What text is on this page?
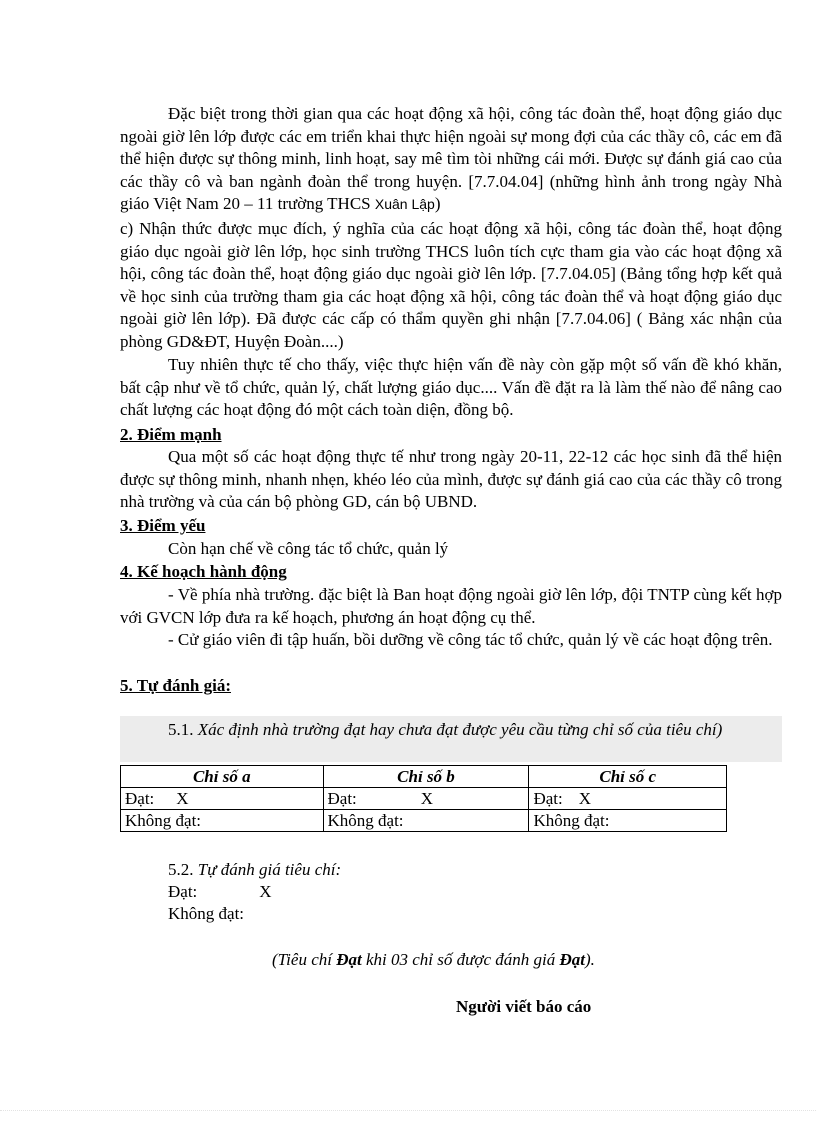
Đặc biệt trong thời gian qua các hoạt động xã hội, công tác đoàn thể, hoạt động giáo dục ngoài giờ lên lớp được các em triển khai thực hiện ngoài sự mong đợi của các thầy cô, các em đã thể hiện được sự thông minh, linh hoạt, say mê tìm tòi những cái mới. Được sự đánh giá cao của các thầy cô và ban ngành đoàn thể trong huyện. [7.7.04.04] (những hình ảnh trong ngày Nhà giáo Việt Nam 20 – 11 trường THCS Xuân Lập)
c) Nhận thức được mục đích, ý nghĩa của các hoạt động xã hội, công tác đoàn thể, hoạt động giáo dục ngoài giờ lên lớp, học sinh trường THCS luôn tích cực tham gia vào các hoạt động xã hội, công tác đoàn thể, hoạt động giáo dục ngoài giờ lên lớp. [7.7.04.05] (Bảng tổng hợp kết quả về học sinh của trường tham gia các hoạt động xã hội, công tác đoàn thể và hoạt động giáo dục ngoài giờ lên lớp). Đã được các cấp có thẩm quyền ghi nhận [7.7.04.06] ( Bảng xác nhận của phòng GD&ĐT, Huyện Đoàn....)
Tuy nhiên thực tế cho thấy, việc thực hiện vấn đề này còn gặp một số vấn đề khó khăn, bất cập như về tổ chức, quản lý, chất lượng giáo dục.... Vấn đề đặt ra là làm thế nào để nâng cao chất lượng các hoạt động đó một cách toàn diện, đồng bộ.
2. Điểm mạnh
Qua một số các hoạt động thực tế như trong ngày 20-11, 22-12 các học sinh đã thể hiện được sự thông minh, nhanh nhẹn, khéo léo của mình, được sự đánh giá cao của các thầy cô trong nhà trường và của cán bộ phòng GD, cán bộ UBND.
3. Điểm yếu
Còn hạn chế về công tác tổ chức, quản lý
4. Kế hoạch hành động
- Về phía nhà trường. đặc biệt là Ban hoạt động ngoài giờ lên lớp, đội TNTP cùng kết hợp với GVCN lớp đưa ra kế hoạch, phương án hoạt động cụ thể.
- Cử giáo viên đi tập huấn, bồi dưỡng về công tác tổ chức, quản lý về các hoạt động trên.
5. Tự đánh giá:
5.1. Xác định nhà trường đạt hay chưa đạt được yêu cầu từng chỉ số của tiêu chí)
Chỉ số a	Chỉ số b	Chỉ số c
Đạt: X	Đạt: X	Đạt: X
Không đạt:	Không đạt:	Không đạt:
5.2. Tự đánh giá tiêu chí:
Đạt:	X
Không đạt:
(Tiêu chí Đạt khi 03 chỉ số được đánh giá Đạt).
Người viết báo cáo
